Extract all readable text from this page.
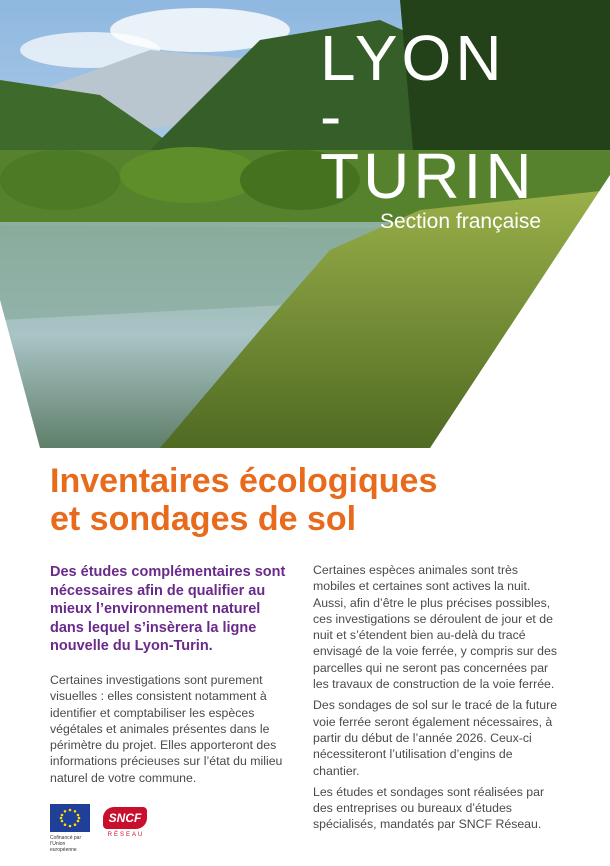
LYON
-TURIN
Section française
Inventaires écologiques
et sondages de sol
Des études complémentaires sont nécessaires afin de qualifier au mieux l’environnement naturel dans lequel s’insèrera la ligne nouvelle du Lyon-Turin.

Certaines investigations sont purement visuelles : elles consistent notamment à identifier et comptabiliser les espèces végétales et animales présentes dans le périmètre du projet. Elles apporteront des informations précieuses sur l’état du milieu naturel de votre commune.

Certaines espèces animales sont très mobiles et certaines sont actives la nuit. Aussi, afin d’être le plus précises possibles, ces investigations se déroulent de jour et de nuit et s’étendent bien au-delà du tracé envisagé de la voie ferrée, y compris sur des parcelles qui ne seront pas concernées par les travaux de construction de la voie ferrée.

Des sondages de sol sur le tracé de la future voie ferrée seront également nécessaires, à partir du début de l’année 2026. Ceux-ci nécessiteront l’utilisation d’engins de chantier.

Les études et sondages sont réalisées par des entreprises ou bureaux d’études spécialisés, mandatés par SNCF Réseau.

Cofinancé par l’Union européenne
SNCF
RÉSEAU
